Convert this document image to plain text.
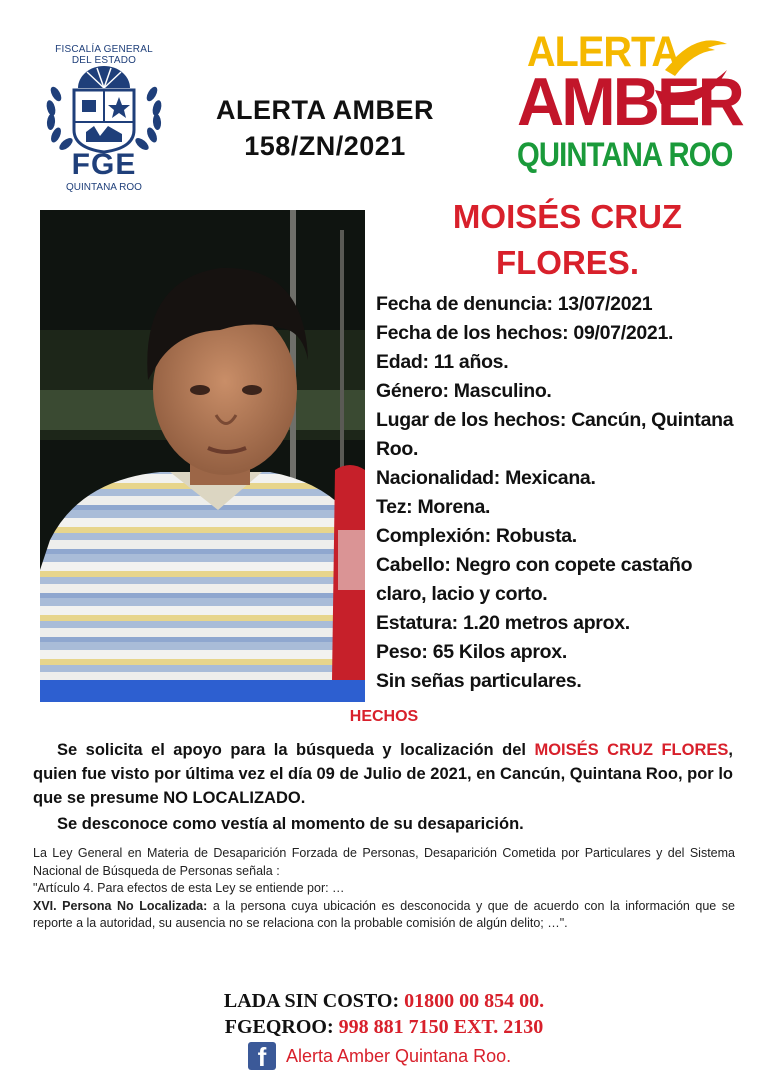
FISCALÍA GENERAL DEL ESTADO
FGE
QUINTANA ROO
ALERTA AMBER
158/ZN/2021
ALERTA
AMBER
QUINTANA ROO
MOISÉS CRUZ
FLORES.
Fecha de denuncia: 13/07/2021
Fecha de los hechos: 09/07/2021.
Edad: 11 años.
Género: Masculino.
Lugar de los hechos: Cancún, Quintana
Roo.
Nacionalidad: Mexicana.
Tez: Morena.
Complexión: Robusta.
Cabello: Negro con copete castaño
claro, lacio y corto.
Estatura: 1.20 metros aprox.
Peso: 65 Kilos aprox.
Sin señas particulares.
HECHOS
Se solicita el apoyo para la búsqueda y localización del MOISÉS CRUZ FLORES, quien fue visto por última vez el día 09 de Julio de 2021, en Cancún, Quintana Roo, por lo que se presume NO LOCALIZADO.
Se desconoce como vestía al momento de su desaparición.
La Ley General en Materia de Desaparición Forzada de Personas, Desaparición Cometida por Particulares y del Sistema Nacional de Búsqueda de Personas señala :
"Artículo 4. Para efectos de esta Ley se entiende por: …
XVI. Persona No Localizada: a la persona cuya ubicación es desconocida y que de acuerdo con la información que se reporte a la autoridad, su ausencia no se relaciona con la probable comisión de algún delito; …".
LADA SIN COSTO: 01800 00 854 00.
FGEQROO: 998 881 7150 EXT. 2130
f	Alerta Amber Quintana Roo.
